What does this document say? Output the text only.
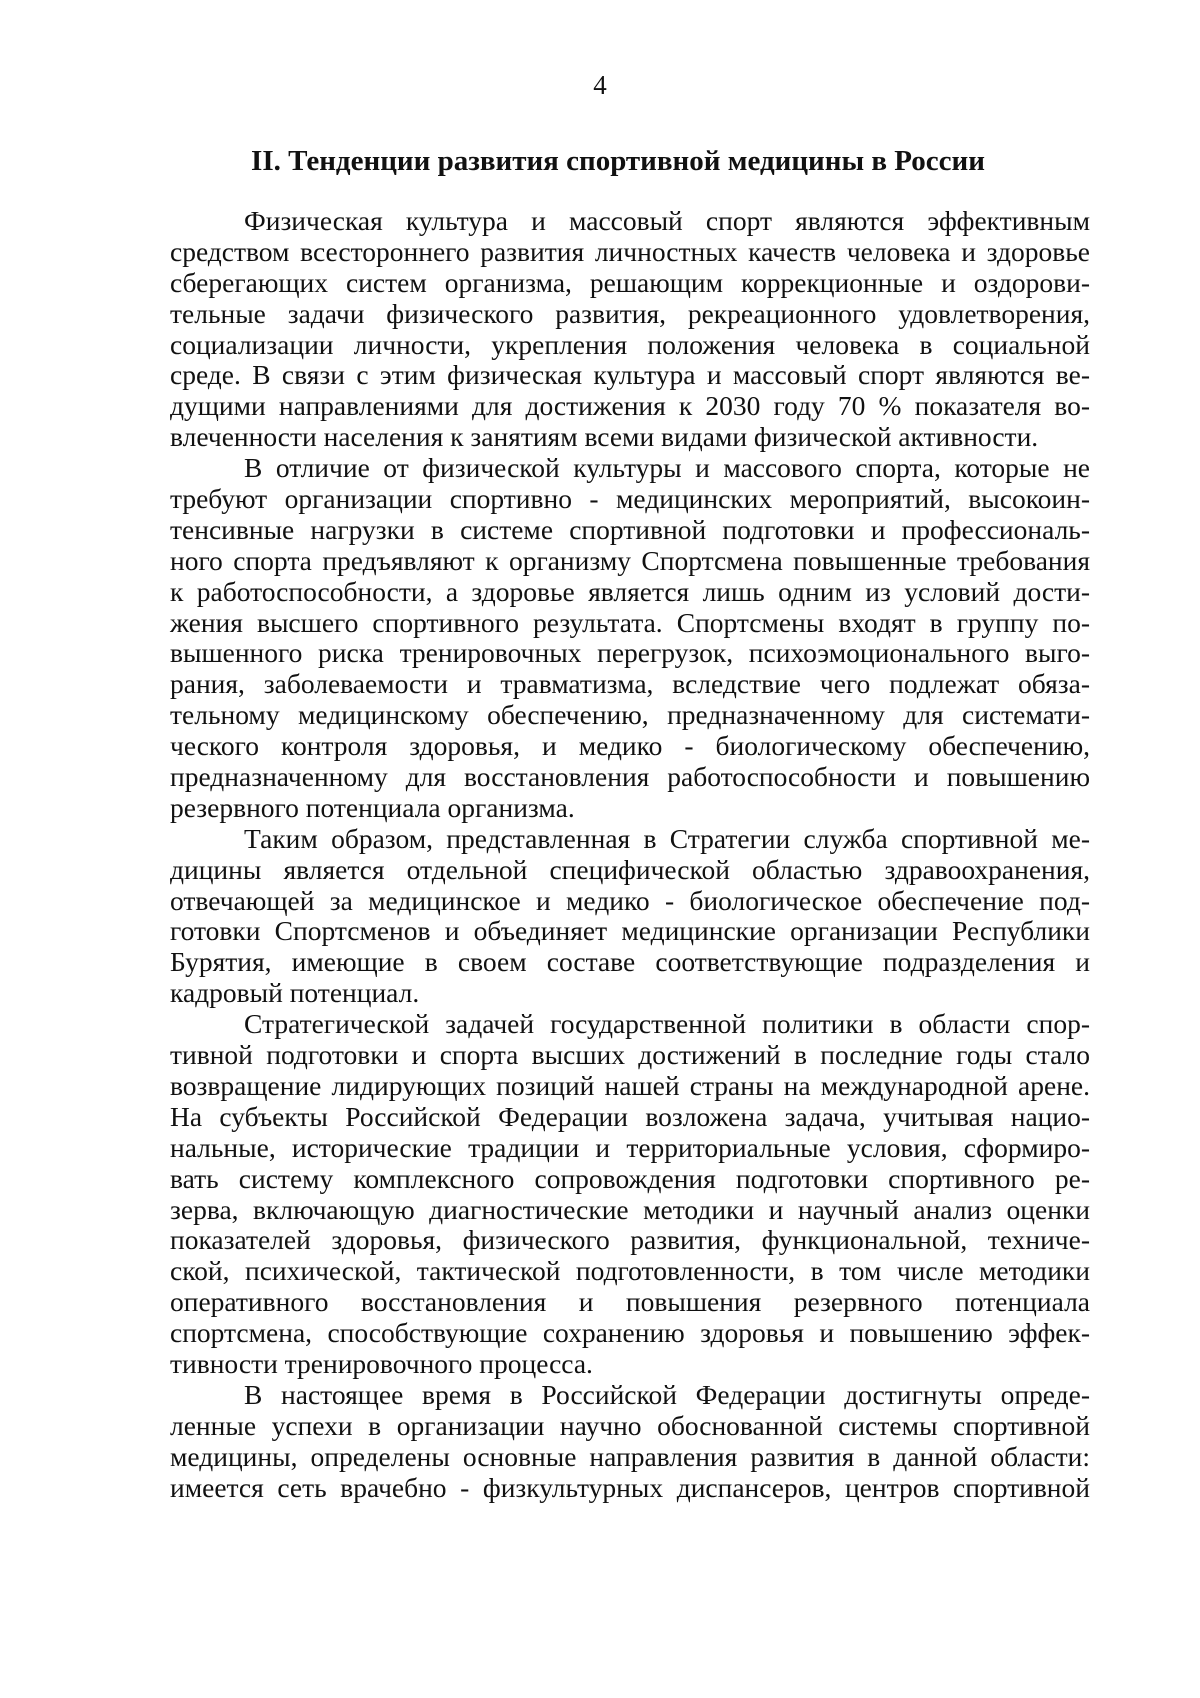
4
II. Тенденции развития спортивной медицины в России
Физическая культура и массовый спорт являются эффективным
средством всестороннего развития личностных качеств человека и здоровье
сберегающих систем организма, решающим коррекционные и оздорови-
тельные задачи физического развития, рекреационного удовлетворения,
социализации личности, укрепления положения человека в социальной
среде. В связи с этим физическая культура и массовый спорт являются ве-
дущими направлениями для достижения к 2030 году 70 % показателя во-
влеченности населения к занятиям всеми видами физической активности.
В отличие от физической культуры и массового спорта, которые не
требуют организации спортивно - медицинских мероприятий, высокоин-
тенсивные нагрузки в системе спортивной подготовки и профессиональ-
ного спорта предъявляют к организму Спортсмена повышенные требования
к работоспособности, а здоровье является лишь одним из условий дости-
жения высшего спортивного результата. Спортсмены входят в группу по-
вышенного риска тренировочных перегрузок, психоэмоционального выго-
рания, заболеваемости и травматизма, вследствие чего подлежат обяза-
тельному медицинскому обеспечению, предназначенному для системати-
ческого контроля здоровья, и медико - биологическому обеспечению,
предназначенному для восстановления работоспособности и повышению
резервного потенциала организма.
Таким образом, представленная в Стратегии служба спортивной ме-
дицины является отдельной специфической областью здравоохранения,
отвечающей за медицинское и медико - биологическое обеспечение под-
готовки Спортсменов и объединяет медицинские организации Республики
Бурятия, имеющие в своем составе соответствующие подразделения и
кадровый потенциал.
Стратегической задачей государственной политики в области спор-
тивной подготовки и спорта высших достижений в последние годы стало
возвращение лидирующих позиций нашей страны на международной арене.
На субъекты Российской Федерации возложена задача, учитывая нацио-
нальные, исторические традиции и территориальные условия, сформиро-
вать систему комплексного сопровождения подготовки спортивного ре-
зерва, включающую диагностические методики и научный анализ оценки
показателей здоровья, физического развития, функциональной, техниче-
ской, психической, тактической подготовленности, в том числе методики
оперативного восстановления и повышения резервного потенциала
спортсмена, способствующие сохранению здоровья и повышению эффек-
тивности тренировочного процесса.
В настоящее время в Российской Федерации достигнуты опреде-
ленные успехи в организации научно обоснованной системы спортивной
медицины, определены основные направления развития в данной области:
имеется сеть врачебно - физкультурных диспансеров, центров спортивной
